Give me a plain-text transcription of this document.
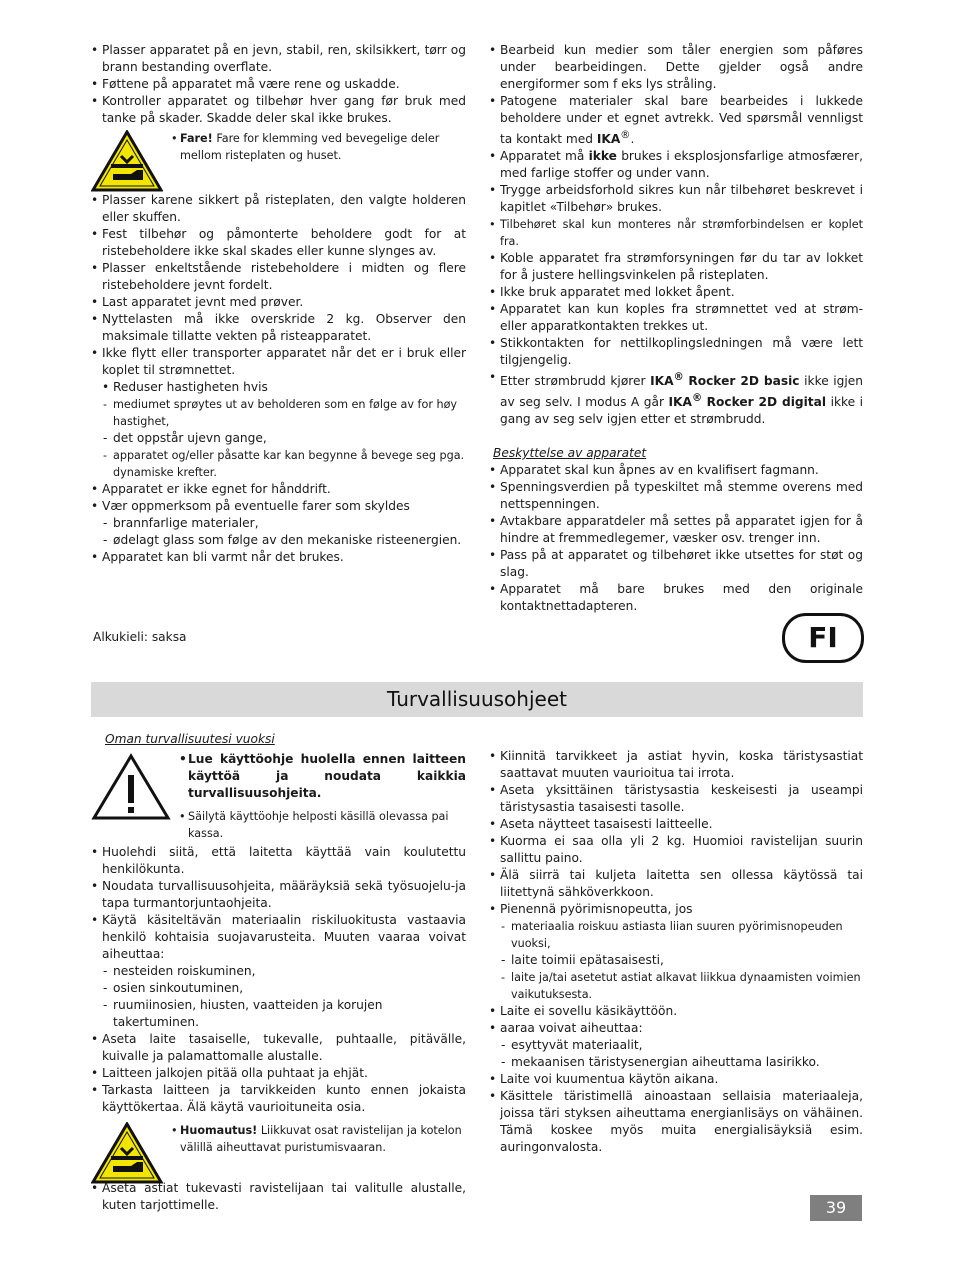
• Plasser apparatet på en jevn, stabil, ren, skilsikkert, tørr og brann bestanding overflate.

• Føttene på apparatet må være rene og uskadde.

• Kontroller apparatet og tilbehør hver gang før bruk med tanke på skader. Skadde deler skal ikke brukes.

• Fare! Fare for klemming ved bevegelige deler mellom risteplaten og huset.

• Plasser karene sikkert på risteplaten, den valgte holderen eller skuffen.

• Fest tilbehør og påmonterte beholdere godt for at ristebeholdere ikke skal skades eller kunne slynges av.

• Plasser enkeltstående ristebeholdere i midten og flere ristebeholdere jevnt fordelt.

• Last apparatet jevnt med prøver.

• Nyttelasten må ikke overskride 2 kg. Observer den maksimale tillatte vekten på risteapparatet.

• Ikke flytt eller transporter apparatet når det er i bruk eller koplet til strømnettet.

• Reduser hastigheten hvis

- mediumet sprøytes ut av beholderen som en følge av for høy hastighet,

- det oppstår ujevn gange,

- apparatet og/eller påsatte kar kan begynne å bevege seg pga. dynamiske krefter.

• Apparatet er ikke egnet for hånddrift.

• Vær oppmerksom på eventuelle farer som skyldes

- brannfarlige materialer,

- ødelagt glass som følge av den mekaniske risteenergien.

• Apparatet kan bli varmt når det brukes.

• Bearbeid kun medier som tåler energien som påføres under bearbeidingen. Dette gjelder også andre energiformer som f eks lys stråling.

• Patogene materialer skal bare bearbeides i lukkede beholdere under et egnet avtrekk. Ved spørsmål vennligst ta kontakt med IKA®.

• Apparatet må ikke brukes i eksplosjonsfarlige atmosfærer, med farlige stoffer og under vann.

• Trygge arbeidsforhold sikres kun når tilbehøret beskrevet i kapitlet «Tilbehør» brukes.

• Tilbehøret skal kun monteres når strømforbindelsen er koplet fra.

• Koble apparatet fra strømforsyningen før du tar av lokket for å justere hellingsvinkelen på risteplaten.

• Ikke bruk apparatet med lokket åpent.

• Apparatet kan kun koples fra strømnettet ved at strøm- eller apparatkontakten trekkes ut.

• Stikkontakten for nettilkoplingsledningen må være lett tilgjengelig.

• Etter strømbrudd kjører IKA® Rocker 2D basic ikke igjen av seg selv. I modus A går IKA® Rocker 2D digital ikke i gang av seg selv igjen etter et strømbrudd.

Beskyttelse av apparatet

• Apparatet skal kun åpnes av en kvalifisert fagmann.

• Spenningsverdien på typeskiltet må stemme overens med nettspenningen.

• Avtakbare apparatdeler må settes på apparatet igjen for å hindre at fremmedlegemer, væsker osv. trenger inn.

• Pass på at apparatet og tilbehøret ikke utsettes for støt og slag.

• Apparatet må bare brukes med den originale kontaktnettadapteren.

Alkukieli: saksa	FI
Turvallisuusohjeet

Oman turvallisuutesi vuoksi

• Lue käyttöohje huolella ennen laitteen käyttöä ja noudata kaikkia turvallisuusohjeita.
• Säilytä käyttöohje helposti käsillä olevassa pai kassa.

• Huolehdi siitä, että laitetta käyttää vain koulutettu henkilökunta.

• Noudata turvallisuusohjeita, määräyksiä sekä työsuojelu-ja tapa turmantorjuntaohjeita.

• Käytä käsiteltävän materiaalin riskiluokitusta vastaavia henkilö kohtaisia suojavarusteita. Muuten vaaraa voivat aiheuttaa:

- nesteiden roiskuminen,

- osien sinkoutuminen,

- ruumiinosien, hiusten, vaatteiden ja korujen takertuminen.

• Aseta laite tasaiselle, tukevalle, puhtaalle, pitävälle, kuivalle ja palamattomalle alustalle.

• Laitteen jalkojen pitää olla puhtaat ja ehjät.

• Tarkasta laitteen ja tarvikkeiden kunto ennen jokaista käyttökertaa. Älä käytä vaurioituneita osia.

• Huomautus! Liikkuvat osat ravistelijan ja kotelon välillä aiheuttavat puristumisvaaran.

• Aseta astiat tukevasti ravistelijaan tai valitulle alustalle, kuten tarjottimelle.

• Kiinnitä tarvikkeet ja astiat hyvin, koska täristysastiat saattavat muuten vaurioitua tai irrota.

• Aseta yksittäinen täristysastia keskeisesti ja useampi täristysastia tasaisesti tasolle.

• Aseta näytteet tasaisesti laitteelle.

• Kuorma ei saa olla yli 2 kg. Huomioi ravistelijan suurin sallittu paino.

• Älä siirrä tai kuljeta laitetta sen ollessa käytössä tai liitettynä sähköverkkoon.

• Pienennä pyörimisnopeutta, jos

- materiaalia roiskuu astiasta liian suuren pyörimisnopeuden vuoksi,

- laite toimii epätasaisesti,

- laite ja/tai asetetut astiat alkavat liikkua dynaamisten voimien vaikutuksesta.

• Laite ei sovellu käsikäyttöön.

• aaraa voivat aiheuttaa:

- esyttyvät materiaalit,

- mekaanisen täristysenergian aiheuttama lasirikko.

• Laite voi kuumentua käytön aikana.

• Käsittele täristimellä ainoastaan sellaisia materiaaleja, joissa täri styksen aiheuttama energianlisäys on vähäinen. Tämä koskee myös muita energialisäyksiä esim. auringonvalosta.

39
